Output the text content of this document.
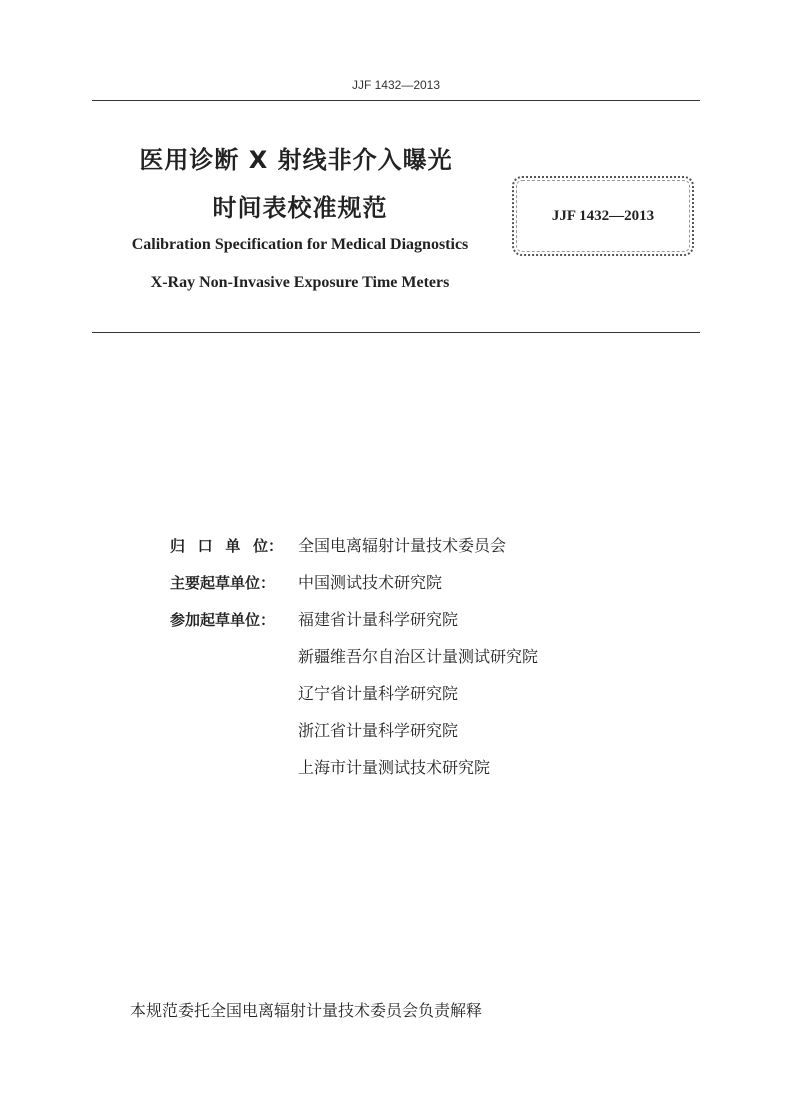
JJF 1432—2013
医用诊断 X 射线非介入曝光
时间表校准规范
Calibration Specification for Medical Diagnostics
X-Ray Non-Invasive Exposure Time Meters
JJF 1432—2013
归 口 单 位 ： 全国电离辐射计量技术委员会
主要起草单位：	中国测试技术研究院
参加起草单位：	福建省计量科学研究院
新疆维吾尔自治区计量测试研究院
辽宁省计量科学研究院
浙江省计量科学研究院
上海市计量测试技术研究院
本规范委托全国电离辐射计量技术委员会负责解释
